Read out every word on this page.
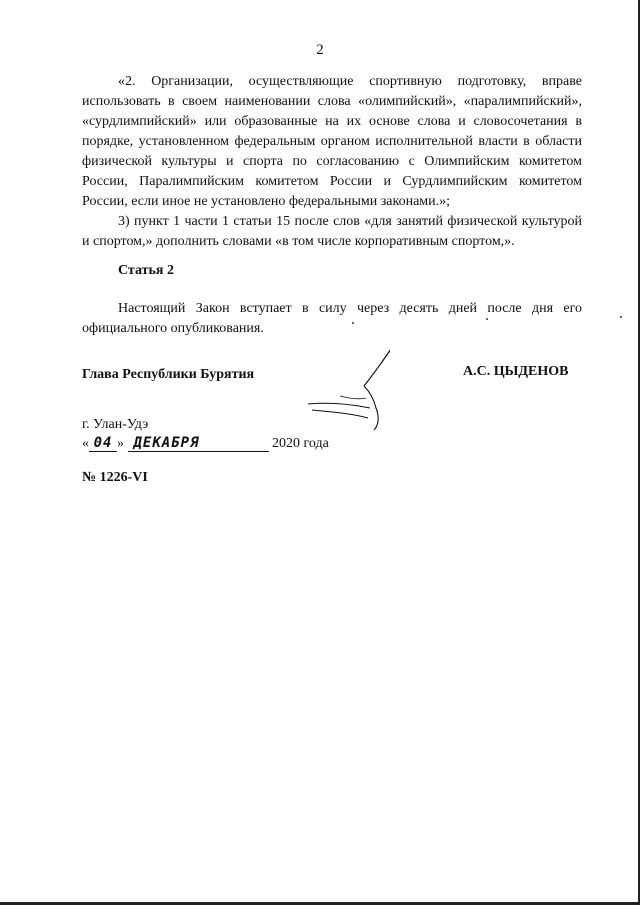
2

«2. Организации, осуществляющие спортивную подготовку, вправе использовать в своем наименовании слова «олимпийский», «паралимпийский», «сурдлимпийский» или образованные на их основе слова и словосочетания в порядке, установленном федеральным органом исполнительной власти в области физической культуры и спорта по согласованию с Олимпийским комитетом России, Паралимпийским комитетом России и Сурдлимпийским комитетом России, если иное не установлено федеральными законами.»;

3) пункт 1 части 1 статьи 15 после слов «для занятий физической культурой и спортом,» дополнить словами «в том числе корпоративным спортом,».

Статья 2

Настоящий Закон вступает в силу через десять дней после дня его официального опубликования.

Глава Республики Бурятия	А.С. ЦЫДЕНОВ
г. Улан-Удэ
« 04 » ДЕКАБРЯ	2020 года
№ 1226-VI
